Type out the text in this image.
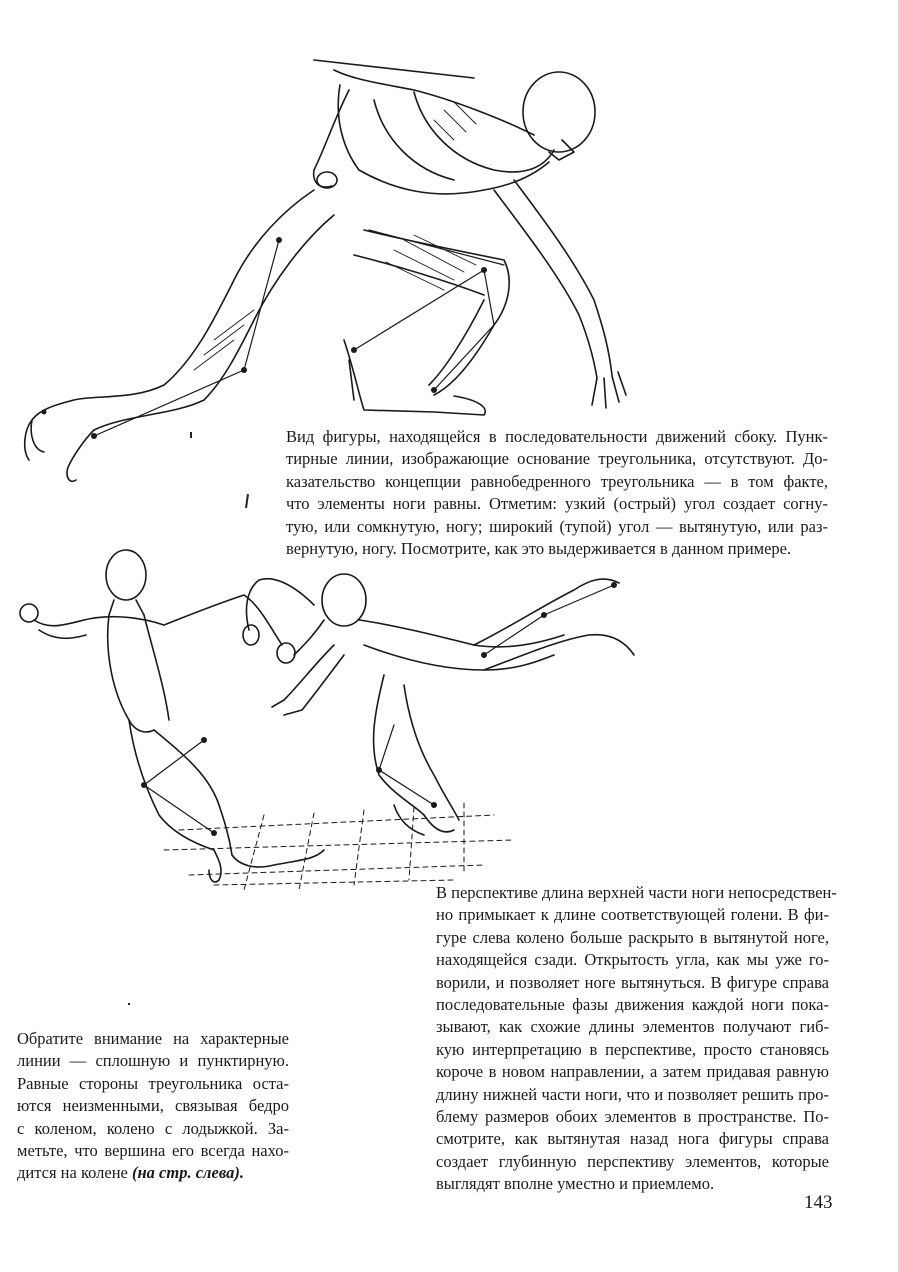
Вид фигуры, находящейся в последовательности движений сбоку. Пунк-
тирные линии, изображающие основание треугольника, отсутствуют. До-
казательство концепции равнобедренного треугольника — в том факте,
что элементы ноги равны. Отметим: узкий (острый) угол создает согну-
тую, или сомкнутую, ногу; широкий (тупой) угол — вытянутую, или раз-
вернутую, ногу. Посмотрите, как это выдерживается в данном примере.
В перспективе длина верхней части ноги непосредствен-
но примыкает к длине соответствующей голени. В фи-
гуре слева колено больше раскрыто в вытянутой ноге,
находящейся сзади. Открытость угла, как мы уже го-
ворили, и позволяет ноге вытянуться. В фигуре справа
последовательные фазы движения каждой ноги пока-
зывают, как схожие длины элементов получают гиб-
кую интерпретацию в перспективе, просто становясь
короче в новом направлении, а затем придавая равную
длину нижней части ноги, что и позволяет решить про-
блему размеров обоих элементов в пространстве. По-
смотрите, как вытянутая назад нога фигуры справа
создает глубинную перспективу элементов, которые
выглядят вполне уместно и приемлемо.
Обратите внимание на характерные
линии — сплошную и пунктирную.
Равные стороны треугольника оста-
ются неизменными, связывая бедро
с коленом, колено с лодыжкой. За-
метьте, что вершина его всегда нахо-
дится на колене (на стр. слева).
143
